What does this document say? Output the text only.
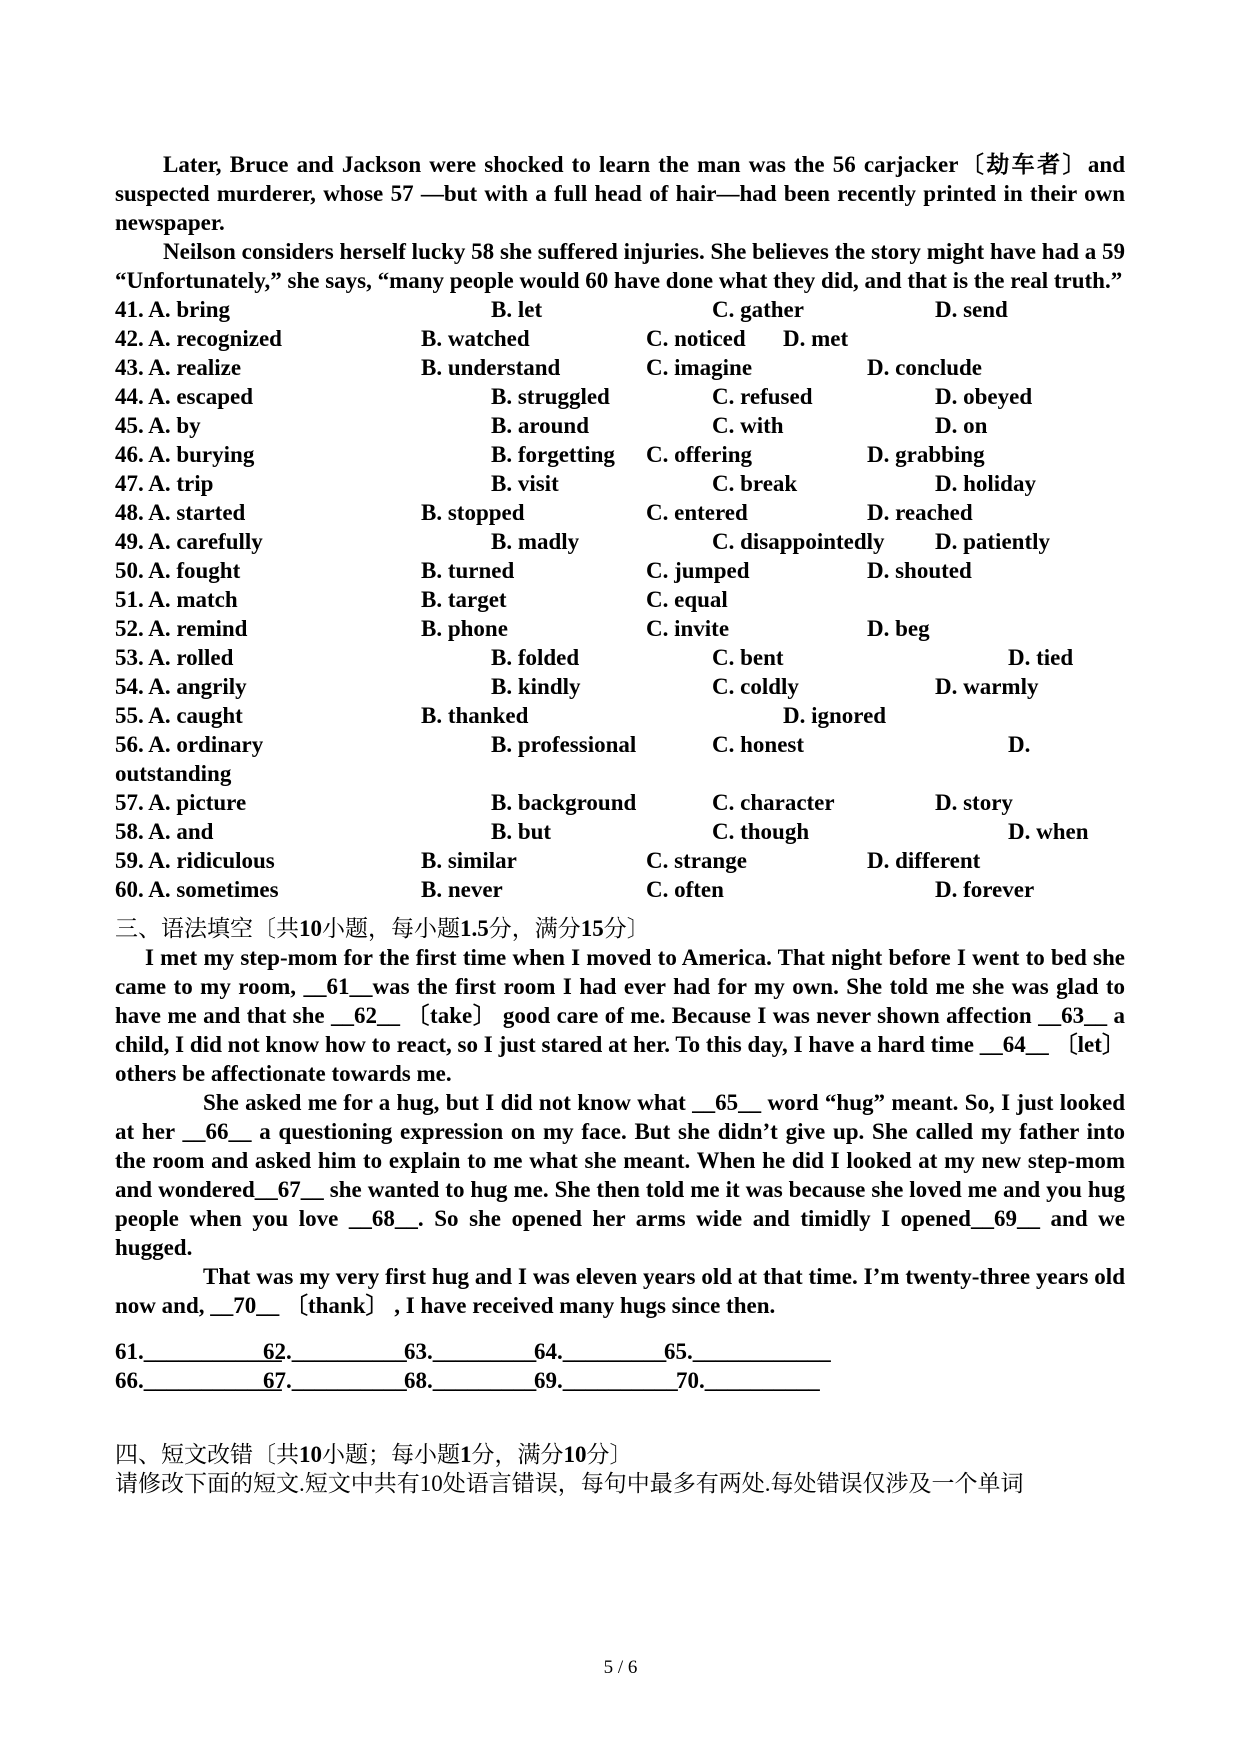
Later, Bruce and Jackson were shocked to learn the man was the 56 carjacker〔劫车者〕and suspected murderer, whose 57 —but with a full head of hair—had been recently printed in their own newspaper.

Neilson considers herself lucky 58 she suffered injuries. She believes the story might have had a 59 “Unfortunately,” she says, “many people would 60 have done what they did, and that is the real truth.”

41. A. bring	B. let	C. gather	D. send
42. A. recognized	B. watched	C. noticed D. met
43. A. realize	B. understand	C. imagine	D. conclude
44. A. escaped	B. struggled	C. refused	D. obeyed
45. A. by	B. around	C. with	D. on
46. A. burying	B. forgetting C. offering	D. grabbing
47. A. trip	B. visit	C. break	D. holiday
48. A. started	B. stopped	C. entered	D. reached
49. A. carefully	B. madly	C. disappointedly D. patiently
50. A. fought	B. turned	C. jumped	D. shouted
51. A. match	B. target	C. equal
52. A. remind	B. phone	C. invite	D. beg
53. A. rolled	B. folded	C. bent	D. tied
54. A. angrily	B. kindly	C. coldly	D. warmly
55. A. caught	B. thanked	D. ignored
56. A. ordinary	B. professional	C. honest	D.
outstanding
57. A. picture	B. background	C. character	D. story
58. A. and	B. but	C. though	D. when
59. A. ridiculous	B. similar	C. strange	D. different
60. A. sometimes	B. never	C. often	D. forever
三、语法填空〔共10小题，每小题1.5分，满分15分〕

I met my step-mom for the first time when I moved to America. That night before I went to bed she came to my room, __61__was the first room I had ever had for my own. She told me she was glad to have me and that she __62__ 〔take〕 good care of me. Because I was never shown affection __63__ a child, I did not know how to react, so I just stared at her. To this day, I have a hard time __64__ 〔let〕 others be affectionate towards me.

She asked me for a hug, but I did not know what __65__ word “hug” meant. So, I just looked at her __66__ a questioning expression on my face. But she didn’t give up. She called my father into the room and asked him to explain to me what she meant. When he did I looked at my new step-mom and wondered__67__ she wanted to hug me. She then told me it was because she loved me and you hug people when you love __68__. So she opened her arms wide and timidly I opened__69__ and we hugged.

That was my very first hug and I was eleven years old at that time. I’m twenty-three years old now and, __70__ 〔thank〕 , I have received many hugs since then.

61.____________
62.__________
63._________
64._________
65.____________
66.____________
67.__________
68._________
69.__________
70.__________
四、短文改错〔共10小题；每小题1分，满分10分〕
请修改下面的短文.短文中共有10处语言错误，每句中最多有两处.每处错误仅涉及一个单词
5 / 6
